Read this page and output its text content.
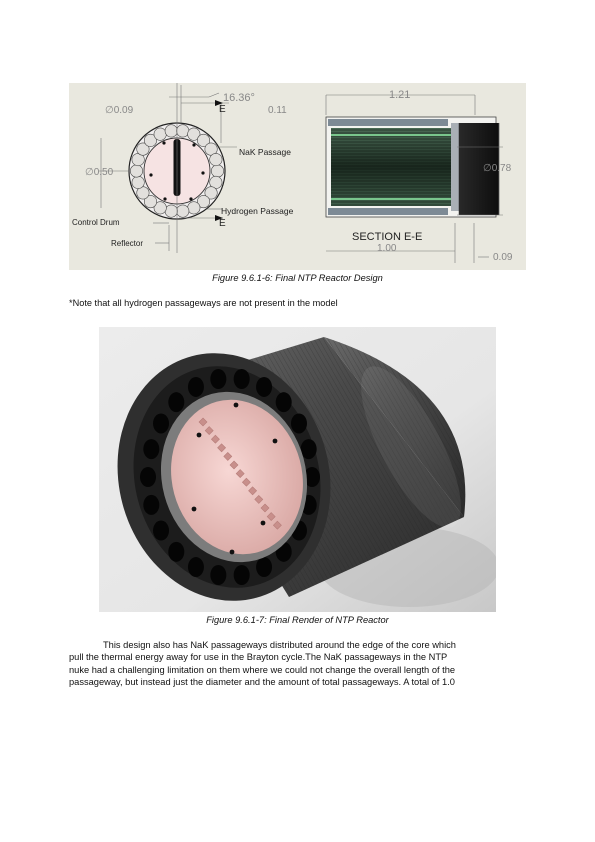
∅0.09
16.36°
0.11
E
1.21
NaK Passage
∅0.50	∅0.78
Hydrogen Passage
Control Drum	E
SECTION E-E
1.00
Reflector
0.09
Figure 9.6.1-6: Final NTP Reactor Design
*Note that all hydrogen passageways are not present in the model
Figure 9.6.1-7: Final Render of NTP Reactor
This design also has NaK passageways distributed around the edge of the core which
pull the thermal energy away for use in the Brayton cycle.The NaK passageways in the NTP
nuke had a challenging limitation on them where we could not change the overall length of the
passageway, but instead just the diameter and the amount of total passageways. A total of 1.0
